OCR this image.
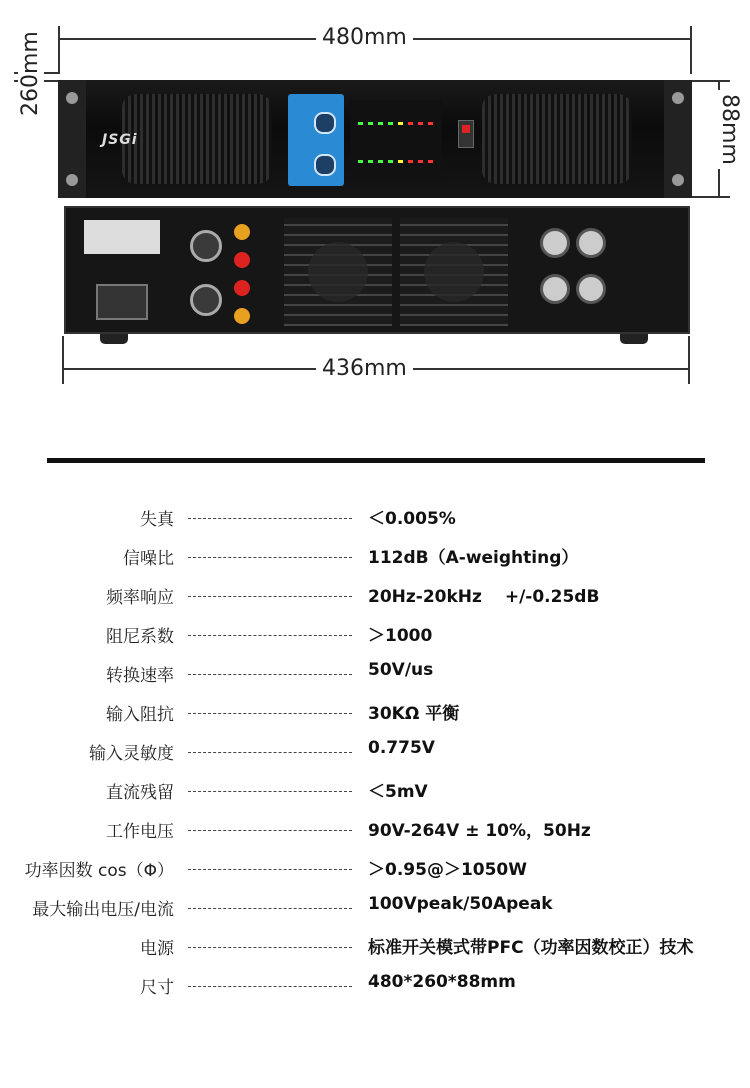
480mm
260mm
88mm
JSGi
436mm
失真	＜0.005%
信噪比	112dB（A-weighting）
频率响应	20Hz-20kHz　 +/-0.25dB
阻尼系数	＞1000
转换速率	50V/us
输入阻抗	30KΩ 平衡
输入灵敏度	0.775V
直流残留	＜5mV
工作电压	90V-264V ± 10%，50Hz
功率因数 cos（Φ）	＞0.95@＞1050W
最大输出电压/电流	100Vpeak/50Apeak
电源	标准开关模式带PFC（功率因数校正）技术
尺寸	480*260*88mm
